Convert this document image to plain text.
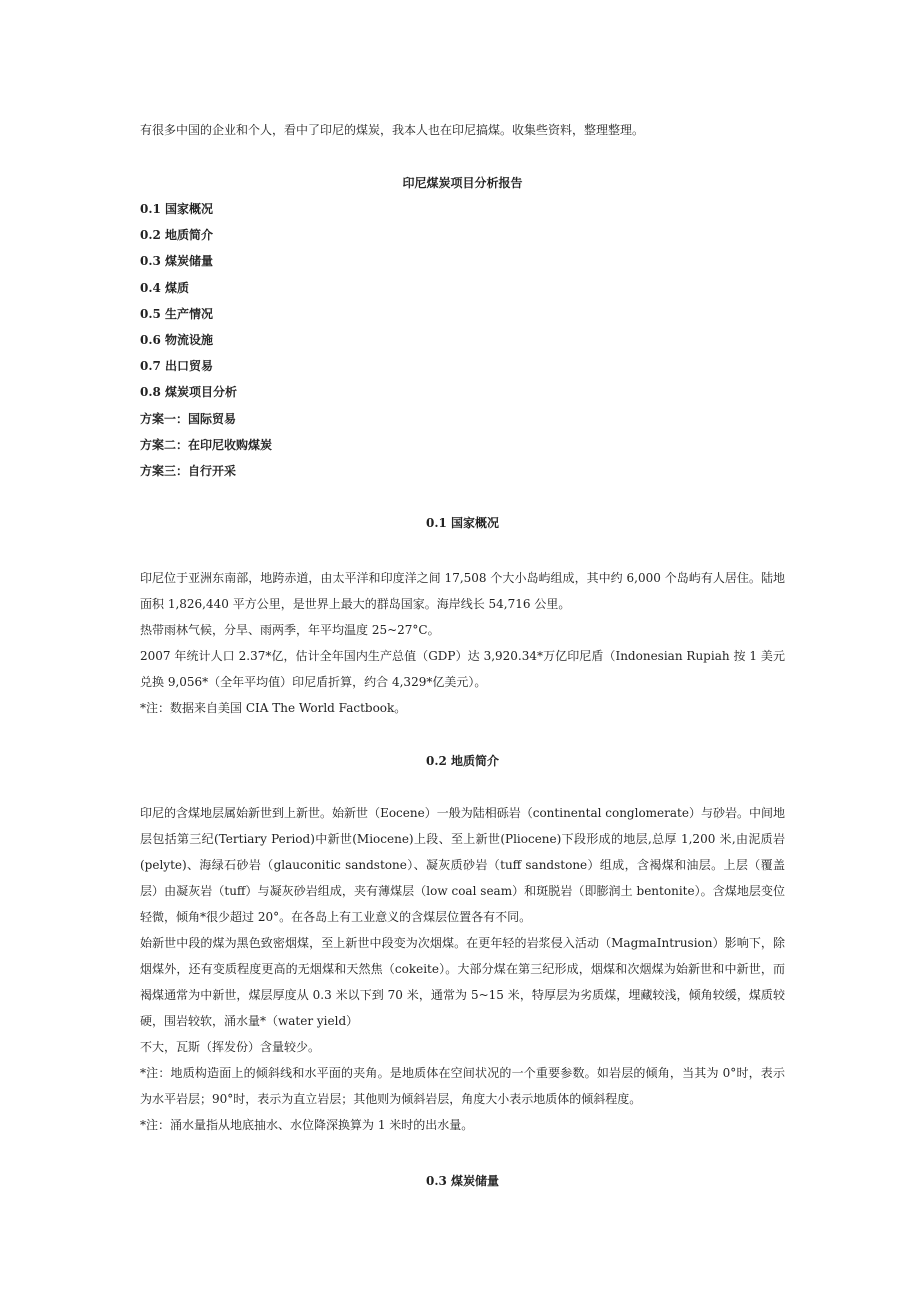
有很多中国的企业和个人，看中了印尼的煤炭，我本人也在印尼搞煤。收集些资料，整理整理。

印尼煤炭项目分析报告

0.1 国家概况
0.2 地质简介
0.3 煤炭储量
0.4 煤质
0.5 生产情况
0.6 物流设施
0.7 出口贸易
0.8 煤炭项目分析
方案一：国际贸易
方案二：在印尼收购煤炭
方案三：自行开采

0.1 国家概况

印尼位于亚洲东南部，地跨赤道，由太平洋和印度洋之间 17,508 个大小岛屿组成，其中约 6,000 个岛屿有人居住。陆地面积 1,826,440 平方公里，是世界上最大的群岛国家。海岸线长 54,716 公里。

热带雨林气候，分旱、雨两季，年平均温度 25~27°C。

2007 年统计人口 2.37*亿，估计全年国内生产总值（GDP）达 3,920.34*万亿印尼盾（Indonesian Rupiah 按 1 美元兑换 9,056*（全年平均值）印尼盾折算，约合 4,329*亿美元）。

*注：数据来自美国 CIA The World Factbook。

0.2 地质简介

印尼的含煤地层属始新世到上新世。始新世（Eocene）一般为陆相砾岩（continental conglomerate）与砂岩。中间地层包括第三纪(Tertiary Period)中新世(Miocene)上段、至上新世(Pliocene)下段形成的地层,总厚 1,200 米,由泥质岩(pelyte)、海绿石砂岩（glauconitic sandstone）、凝灰质砂岩（tuff sandstone）组成，含褐煤和油层。上层（覆盖层）由凝灰岩（tuff）与凝灰砂岩组成，夹有薄煤层（low coal seam）和斑脱岩（即膨润土 bentonite）。含煤地层变位轻微，倾角*很少超过 20°。在各岛上有工业意义的含煤层位置各有不同。

始新世中段的煤为黑色致密烟煤，至上新世中段变为次烟煤。在更年轻的岩浆侵入活动（MagmaIntrusion）影响下，除烟煤外，还有变质程度更高的无烟煤和天然焦（cokeite）。大部分煤在第三纪形成，烟煤和次烟煤为始新世和中新世，而褐煤通常为中新世，煤层厚度从 0.3 米以下到 70 米，通常为 5~15 米，特厚层为劣质煤，埋藏较浅，倾角较缓，煤质较硬，围岩较软，涌水量*（water yield）

不大，瓦斯（挥发份）含量较少。

*注：地质构造面上的倾斜线和水平面的夹角。是地质体在空间状况的一个重要参数。如岩层的倾角，当其为 0°时，表示为水平岩层；90°时，表示为直立岩层；其他则为倾斜岩层，角度大小表示地质体的倾斜程度。

*注：涌水量指从地底抽水、水位降深换算为 1 米时的出水量。

0.3 煤炭储量
